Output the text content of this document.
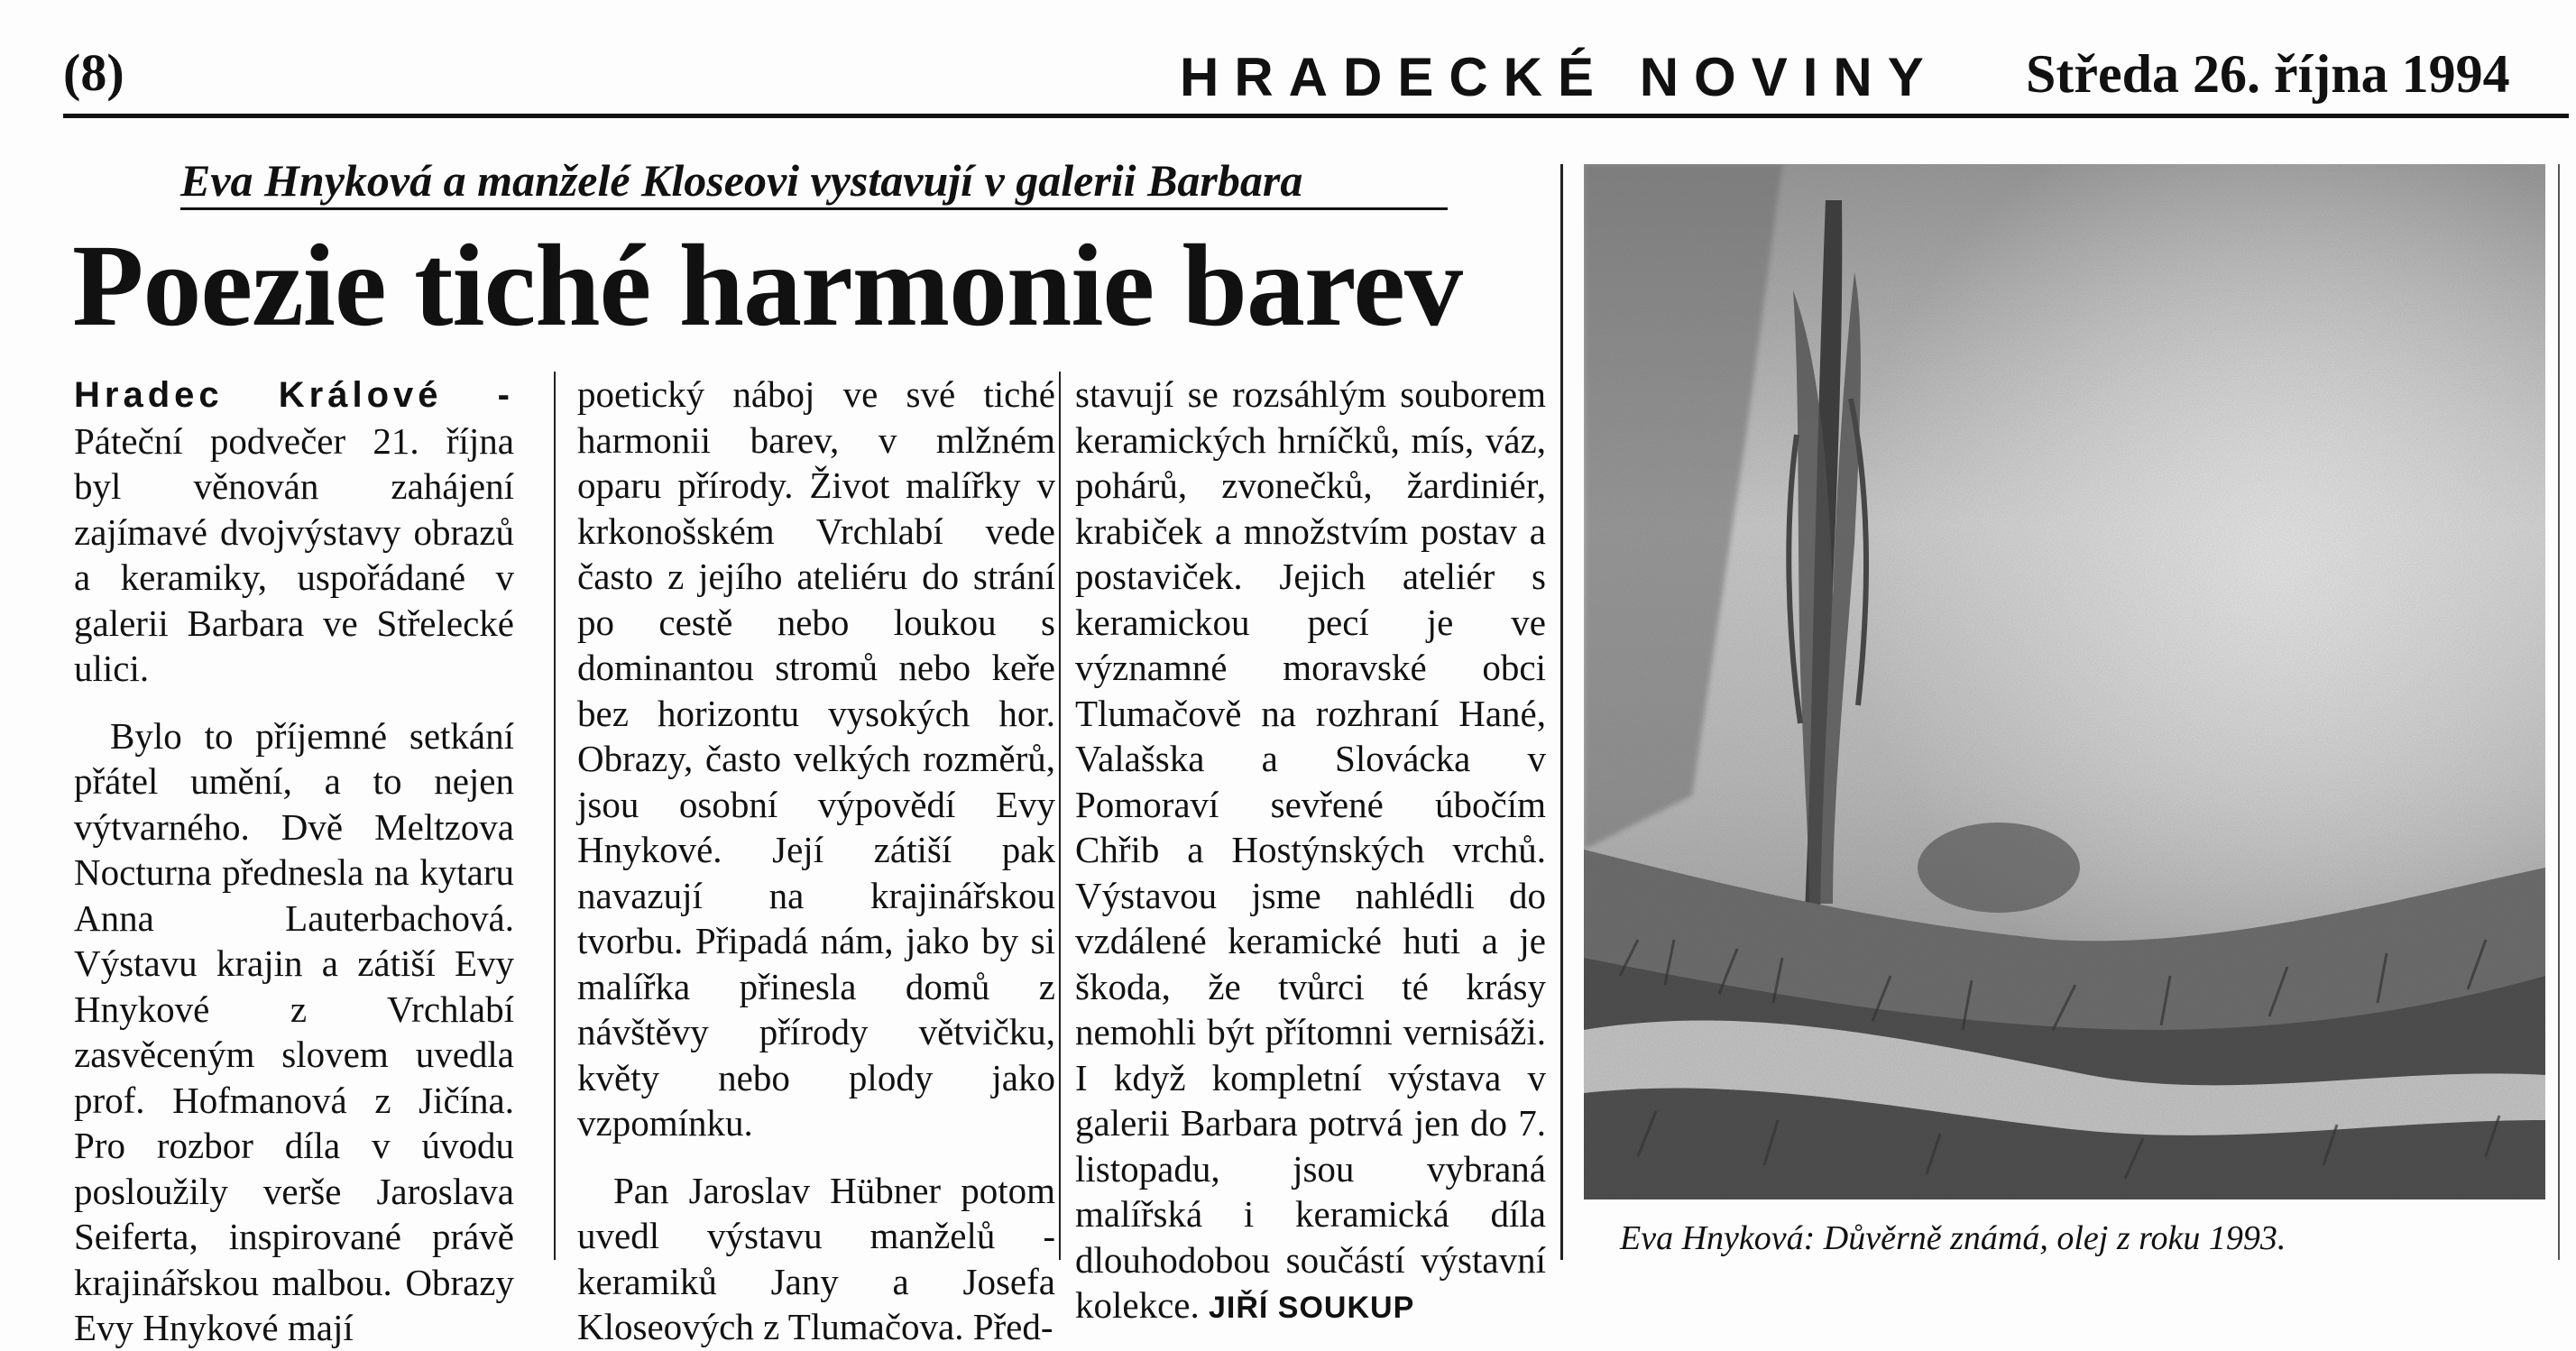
(8)	HRADECKÉ NOVINY Středa 26. října 1994
Eva Hnyková a manželé Kloseovi vystavují v galerii Barbara
Poezie tiché harmonie barev

Hradec Králové - Páteční podvečer 21. října byl věnován zahájení zajímavé dvojvýstavy obrazů a keramiky, uspořádané v galerii Barbara ve Střelecké ulici.

Bylo to příjemné setkání přátel umění, a to nejen výtvarného. Dvě Meltzova Nocturna přednesla na kytaru Anna Lauterbachová. Výstavu krajin a zátiší Evy Hnykové z Vrchlabí zasvěceným slovem uvedla prof. Hofmanová z Jičína. Pro rozbor díla v úvodu posloužily verše Jaroslava Seiferta, inspirované právě krajinářskou malbou. Obrazy Evy Hnykové mají

poetický náboj ve své tiché harmonii barev, v mlžném oparu přírody. Život malířky v krkonošském Vrchlabí vede často z jejího ateliéru do strání po cestě nebo loukou s dominantou stromů nebo keře bez horizontu vysokých hor. Obrazy, často velkých rozměrů, jsou osobní výpovědí Evy Hnykové. Její zátiší pak navazují na krajinářskou tvorbu. Připadá nám, jako by si malířka přinesla domů z návštěvy přírody větvičku, květy nebo plody jako vzpomínku.

Pan Jaroslav Hübner potom uvedl výstavu manželů - keramiků Jany a Josefa Kloseových z Tlumačova. Před-

stavují se rozsáhlým souborem keramických hrníčků, mís, váz, pohárů, zvonečků, žardiniér, krabiček a množstvím postav a postaviček. Jejich ateliér s keramickou pecí je ve významné moravské obci Tlumačově na rozhraní Hané, Valašska a Slovácka v Pomoraví sevřené úbočím Chřib a Hostýnských vrchů. Výstavou jsme nahlédli do vzdálené keramické huti a je škoda, že tvůrci té krásy nemohli být přítomni vernisáži. I když kompletní výstava v galerii Barbara potrvá jen do 7. listopadu, jsou vybraná malířská i keramická díla dlouhodobou součástí výstavní kolekce. JIŘÍ SOUKUP

Eva Hnyková: Důvěrně známá, olej z roku 1993.
